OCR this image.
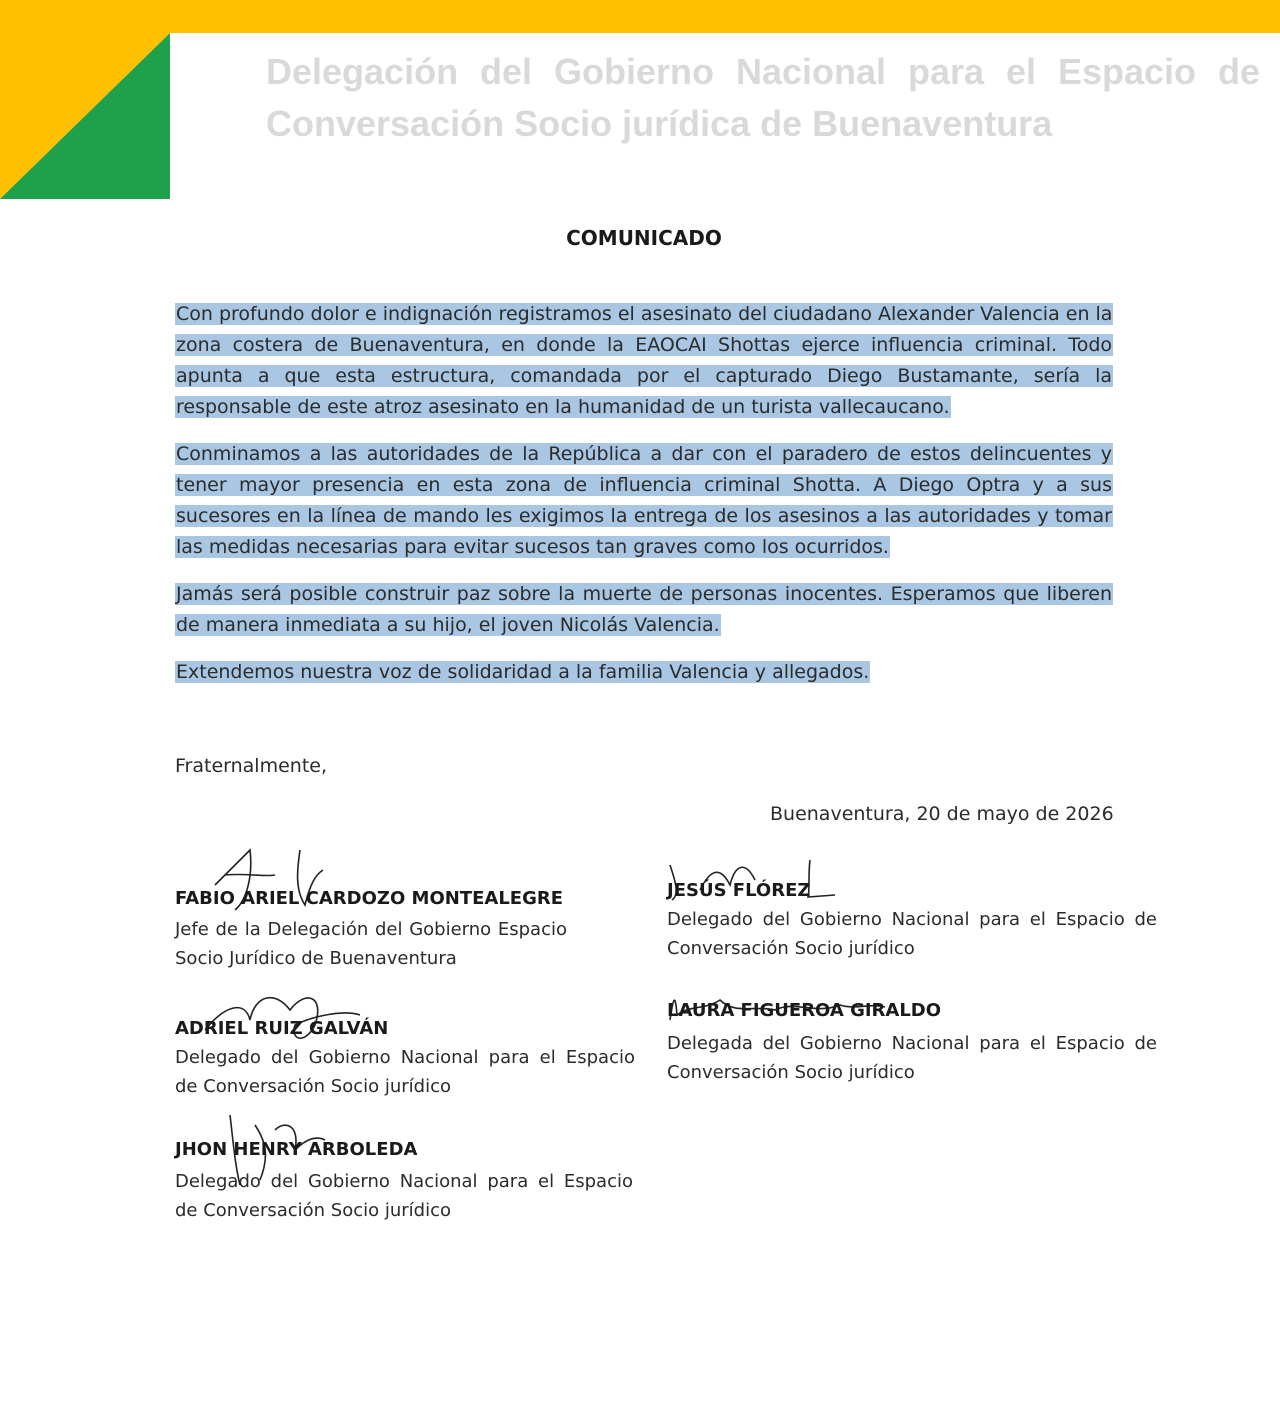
Delegación del Gobierno Nacional para el Espacio de Conversación Socio jurídica de Buenaventura

COMUNICADO

Con profundo dolor e indignación registramos el asesinato del ciudadano Alexander Valencia en la zona costera de Buenaventura, en donde la EAOCAI Shottas ejerce influencia criminal. Todo apunta a que esta estructura, comandada por el capturado Diego Bustamante, sería la responsable de este atroz asesinato en la humanidad de un turista vallecaucano.

Conminamos a las autoridades de la República a dar con el paradero de estos delincuentes y tener mayor presencia en esta zona de influencia criminal Shotta. A Diego Optra y a sus sucesores en la línea de mando les exigimos la entrega de los asesinos a las autoridades y tomar las medidas necesarias para evitar sucesos tan graves como los ocurridos.

Jamás será posible construir paz sobre la muerte de personas inocentes. Esperamos que liberen de manera inmediata a su hijo, el joven Nicolás Valencia.

Extendemos nuestra voz de solidaridad a la familia Valencia y allegados.

Fraternalmente,

Buenaventura, 20 de mayo de 2026

FABIO ARIEL CARDOZO MONTEALEGRE

Jefe de la Delegación del Gobierno Espacio Socio Jurídico de Buenaventura

JESÚS FLÓREZ

Delegado del Gobierno Nacional para el Espacio de Conversación Socio jurídico

ADRIEL RUIZ GALVÁN

Delegado del Gobierno Nacional para el Espacio de Conversación Socio jurídico

LAURA FIGUEROA GIRALDO

Delegada del Gobierno Nacional para el Espacio de Conversación Socio jurídico

JHON HENRY ARBOLEDA

Delegado del Gobierno Nacional para el Espacio de Conversación Socio jurídico
